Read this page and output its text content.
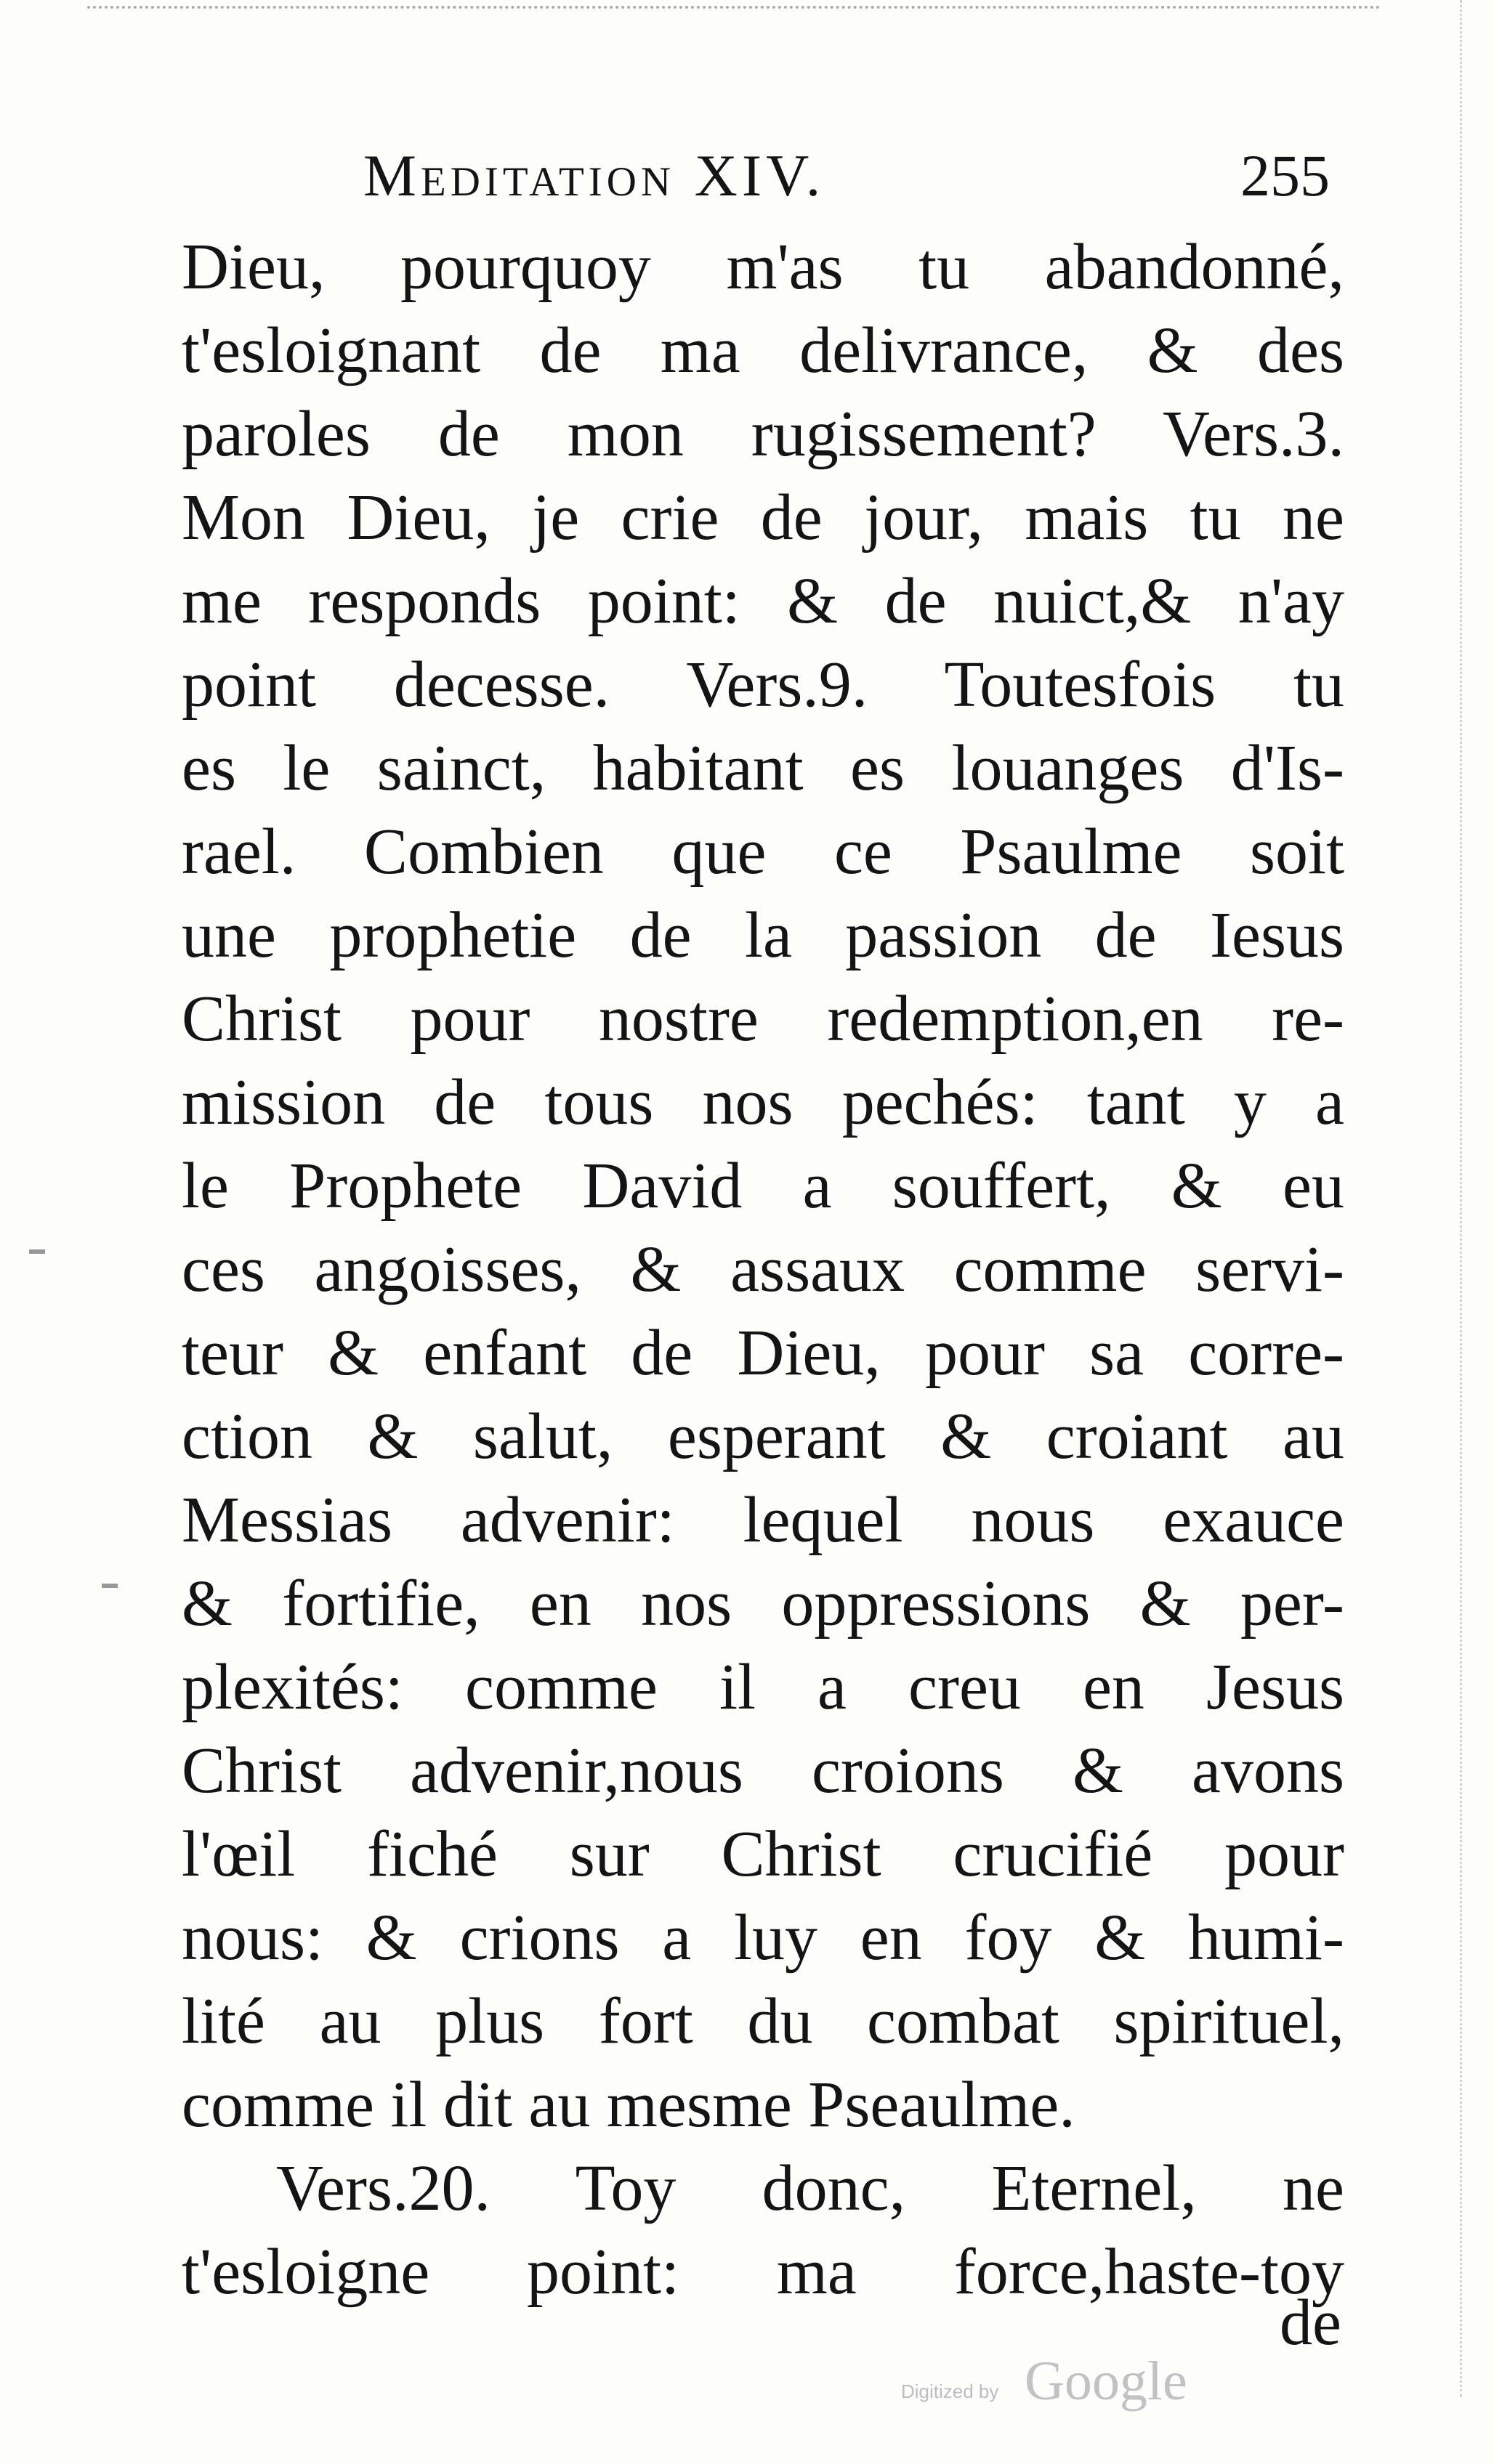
Meditation XIV.	255
Dieu, pourquoy m'as tu abandonné,
t'esloignant de ma delivrance, & des
paroles de mon rugissement? Vers.3.
Mon Dieu, je crie de jour, mais tu ne
me responds point: & de nuict,& n'ay
point decesse. Vers.9. Toutesfois tu
es le sainct, habitant es louanges d'Is-
rael. Combien que ce Psaulme soit
une prophetie de la passion de Iesus
Christ pour nostre redemption,en re-
mission de tous nos pechés: tant y a
le Prophete David a souffert, & eu
ces angoisses, & assaux comme servi-
teur & enfant de Dieu, pour sa corre-
ction & salut, esperant & croiant au
Messias advenir: lequel nous exauce
& fortifie, en nos oppressions & per-
plexités: comme il a creu en Jesus
Christ advenir,nous croions & avons
l'œil fiché sur Christ crucifié pour
nous: & crions a luy en foy & humi-
lité au plus fort du combat spirituel,
comme il dit au mesme Pseaulme.
Vers.20. Toy donc, Eternel, ne
t'esloigne point: ma force,haste-toy
de
Digitized by Google
